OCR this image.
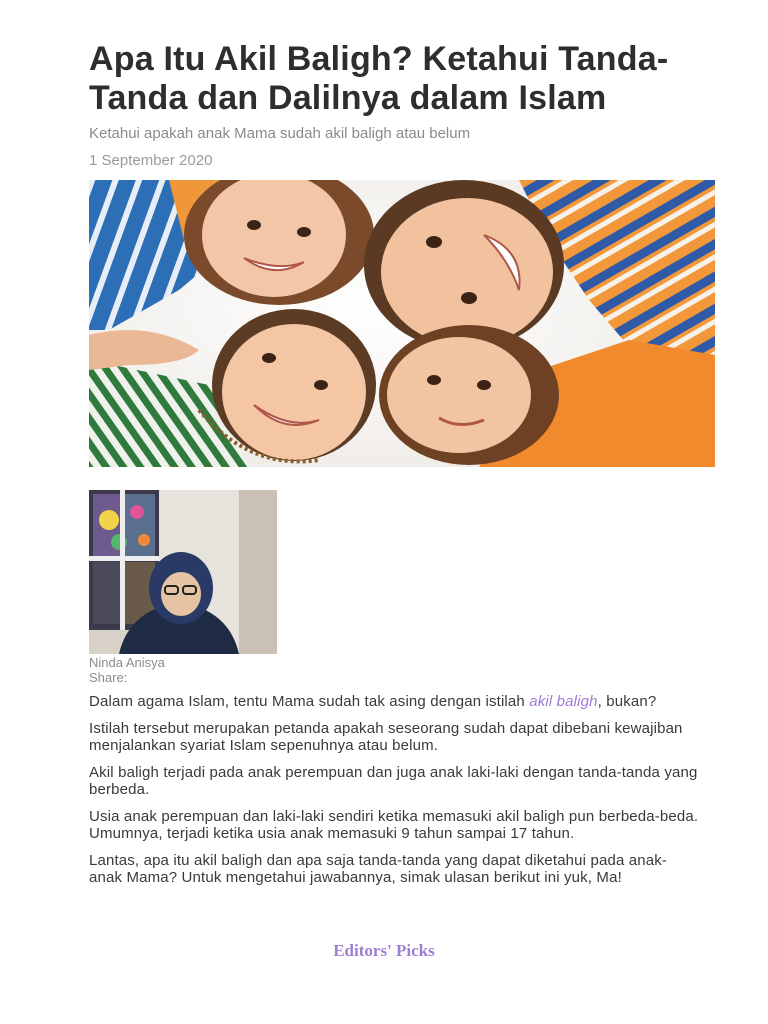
Apa Itu Akil Baligh? Ketahui Tanda-Tanda dan Dalilnya dalam Islam

Ketahui apakah anak Mama sudah akil baligh atau belum

1 September 2020

Ninda Anisya
Share:

Dalam agama Islam, tentu Mama sudah tak asing dengan istilah akil baligh, bukan?

Istilah tersebut merupakan petanda apakah seseorang sudah dapat dibebani kewajiban menjalankan syariat Islam sepenuhnya atau belum.

Akil baligh terjadi pada anak perempuan dan juga anak laki-laki dengan tanda-tanda yang berbeda.

Usia anak perempuan dan laki-laki sendiri ketika memasuki akil baligh pun berbeda-beda. Umumnya, terjadi ketika usia anak memasuki 9 tahun sampai 17 tahun.

Lantas, apa itu akil baligh dan apa saja tanda-tanda yang dapat diketahui pada anak-anak Mama? Untuk mengetahui jawabannya, simak ulasan berikut ini yuk, Ma!

Editors' Picks
